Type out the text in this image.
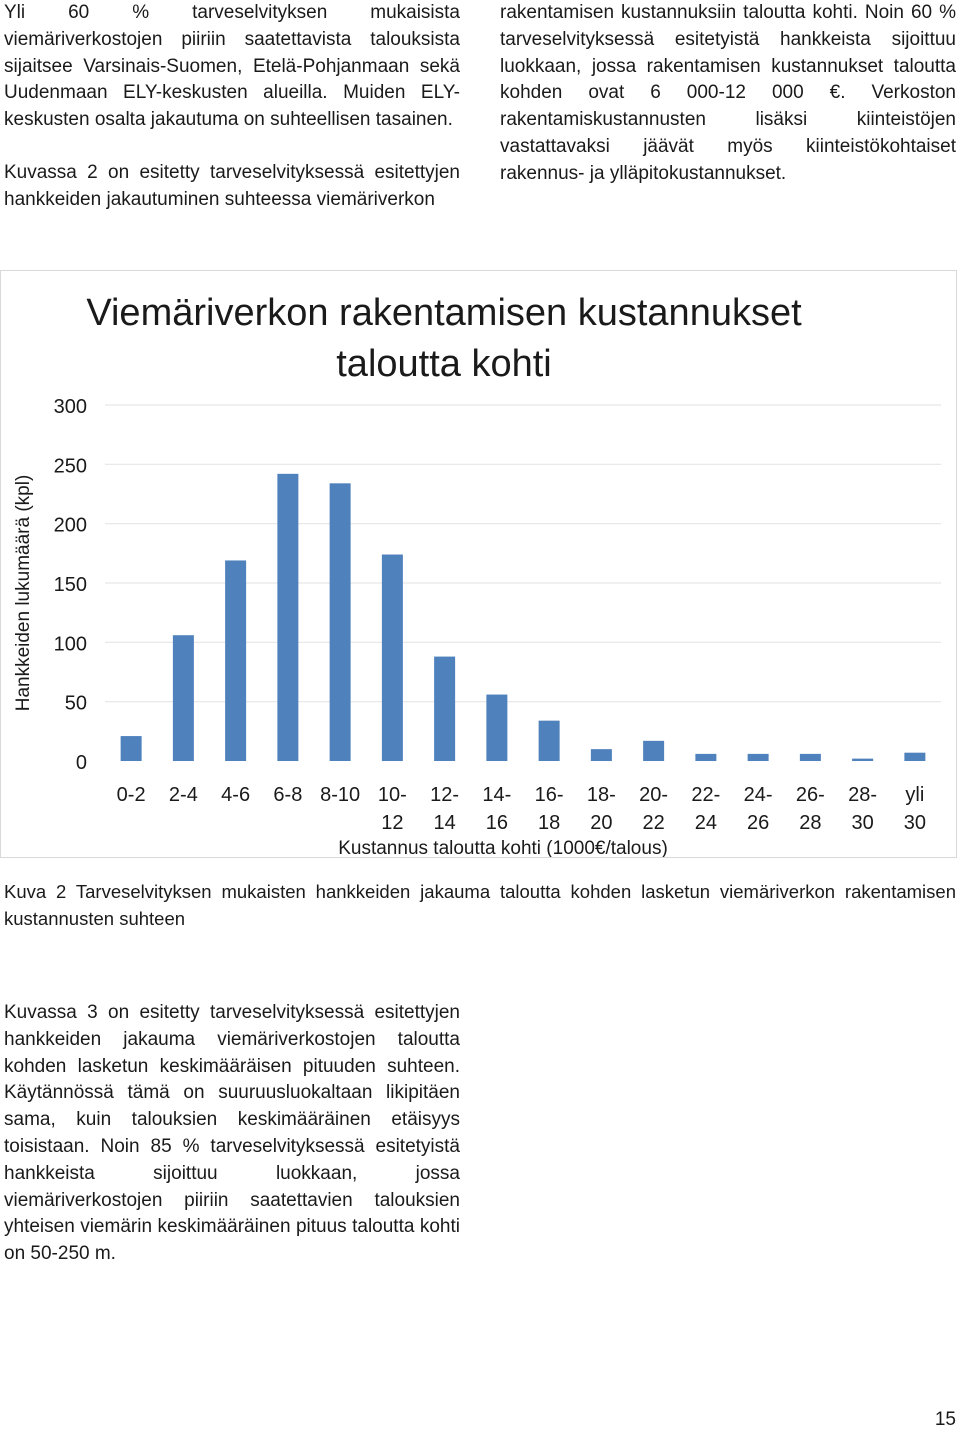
Yli 60 % tarveselvityksen mukaisista viemäriverkostojen piiriin saatettavista talouksista sijaitsee Varsinais-Suomen, Etelä-Pohjanmaan sekä Uudenmaan ELY-keskusten alueilla. Muiden ELY-keskusten osalta jakautuma on suhteellisen tasainen.

Kuvassa 2 on esitetty tarveselvityksessä esitettyjen hankkeiden jakautuminen suhteessa viemäriverkon

rakentamisen kustannuksiin taloutta kohti. Noin 60 % tarveselvityksessä esitetyistä hankkeista sijoittuu luokkaan, jossa rakentamisen kustannukset taloutta kohden ovat 6 000-12 000 €. Verkoston rakentamiskustannusten lisäksi kiinteistöjen vastattavaksi jäävät myös kiinteistökohtaiset rakennus- ja ylläpitokustannukset.

Viemäriverkon rakentamisen kustannukset
taloutta kohti
0
50
100
150
200
250
300
0-2 2-4 4-6 6-8 8-10 10-
12
12-
14
14-
16
16-
18
18-
20
20-
22
22-
24
24-
26
26-
28
28-
30
yli
30
Kustannus taloutta kohti (1000€/talous)
Hankkeiden lukumäärä (kpl)

Kuva 2 Tarveselvityksen mukaisten hankkeiden jakauma taloutta kohden lasketun viemäriverkon rakentamisen kustannusten suhteen

Kuvassa 3 on esitetty tarveselvityksessä esitettyjen hankkeiden jakauma viemäriverkostojen taloutta kohden lasketun keskimääräisen pituuden suhteen. Käytännössä tämä on suuruusluokaltaan likipitäen sama, kuin talouksien keskimääräinen etäisyys toisistaan. Noin 85 % tarveselvityksessä esitetyistä hankkeista sijoittuu luokkaan, jossa viemäriverkostojen piiriin saatettavien talouksien yhteisen viemärin keskimääräinen pituus taloutta kohti on 50-250 m.

15
